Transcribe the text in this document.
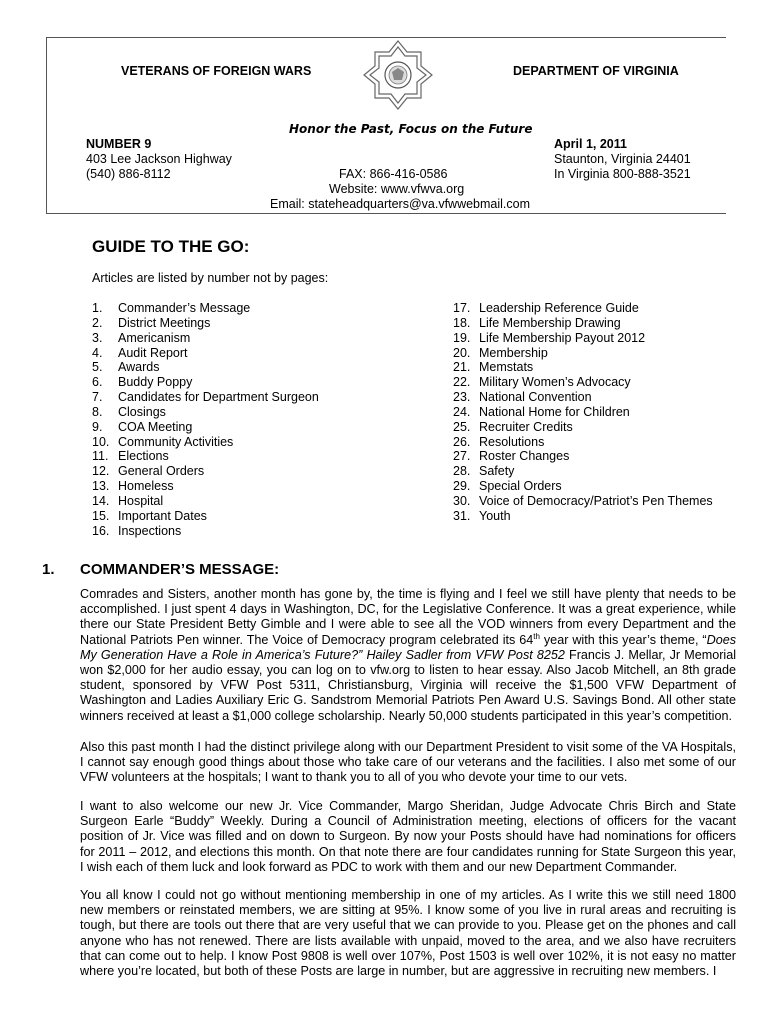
VETERANS OF FOREIGN WARS	DEPARTMENT OF VIRGINIA
Honor the Past, Focus on the Future
NUMBER 9
403 Lee Jackson Highway
(540) 886-8112	FAX: 866-416-0586
Website: www.vfwva.org
Email: stateheadquarters@va.vfwwebmail.com
April 1, 2011
Staunton, Virginia 24401
In Virginia 800-888-3521
GUIDE TO THE GO:
Articles are listed by number not by pages:
1. Commander’s Message
2. District Meetings
3. Americanism
4. Audit Report
5. Awards
6. Buddy Poppy
7. Candidates for Department Surgeon
8. Closings
9. COA Meeting
10. Community Activities
11. Elections
12. General Orders
13. Homeless
14. Hospital
15. Important Dates
16. Inspections
17. Leadership Reference Guide
18. Life Membership Drawing
19. Life Membership Payout 2012
20. Membership
21. Memstats
22. Military Women’s Advocacy
23. National Convention
24. National Home for Children
25. Recruiter Credits
26. Resolutions
27. Roster Changes
28. Safety
29. Special Orders
30. Voice of Democracy/Patriot’s Pen Themes
31. Youth
1. COMMANDER’S MESSAGE:

Comrades and Sisters, another month has gone by, the time is flying and I feel we still have plenty that needs to be accomplished. I just spent 4 days in Washington, DC, for the Legislative Conference. It was a great experience, while there our State President Betty Gimble and I were able to see all the VOD winners from every Department and the National Patriots Pen winner. The Voice of Democracy program celebrated its 64th year with this year’s theme, “Does My Generation Have a Role in America’s Future?” Hailey Sadler from VFW Post 8252 Francis J. Mellar, Jr Memorial won $2,000 for her audio essay, you can log on to vfw.org to listen to hear essay. Also Jacob Mitchell, an 8th grade student, sponsored by VFW Post 5311, Christiansburg, Virginia will receive the $1,500 VFW Department of Washington and Ladies Auxiliary Eric G. Sandstrom Memorial Patriots Pen Award U.S. Savings Bond. All other state winners received at least a $1,000 college scholarship. Nearly 50,000 students participated in this year’s competition.

Also this past month I had the distinct privilege along with our Department President to visit some of the VA Hospitals, I cannot say enough good things about those who take care of our veterans and the facilities. I also met some of our VFW volunteers at the hospitals; I want to thank you to all of you who devote your time to our vets.

I want to also welcome our new Jr. Vice Commander, Margo Sheridan, Judge Advocate Chris Birch and State Surgeon Earle “Buddy” Weekly. During a Council of Administration meeting, elections of officers for the vacant position of Jr. Vice was filled and on down to Surgeon. By now your Posts should have had nominations for officers for 2011 – 2012, and elections this month. On that note there are four candidates running for State Surgeon this year, I wish each of them luck and look forward as PDC to work with them and our new Department Commander.

You all know I could not go without mentioning membership in one of my articles. As I write this we still need 1800 new members or reinstated members, we are sitting at 95%. I know some of you live in rural areas and recruiting is tough, but there are tools out there that are very useful that we can provide to you. Please get on the phones and call anyone who has not renewed. There are lists available with unpaid, moved to the area, and we also have recruiters that can come out to help. I know Post 9808 is well over 107%, Post 1503 is well over 102%, it is not easy no matter where you’re located, but both of these Posts are large in number, but are aggressive in recruiting new members. I
